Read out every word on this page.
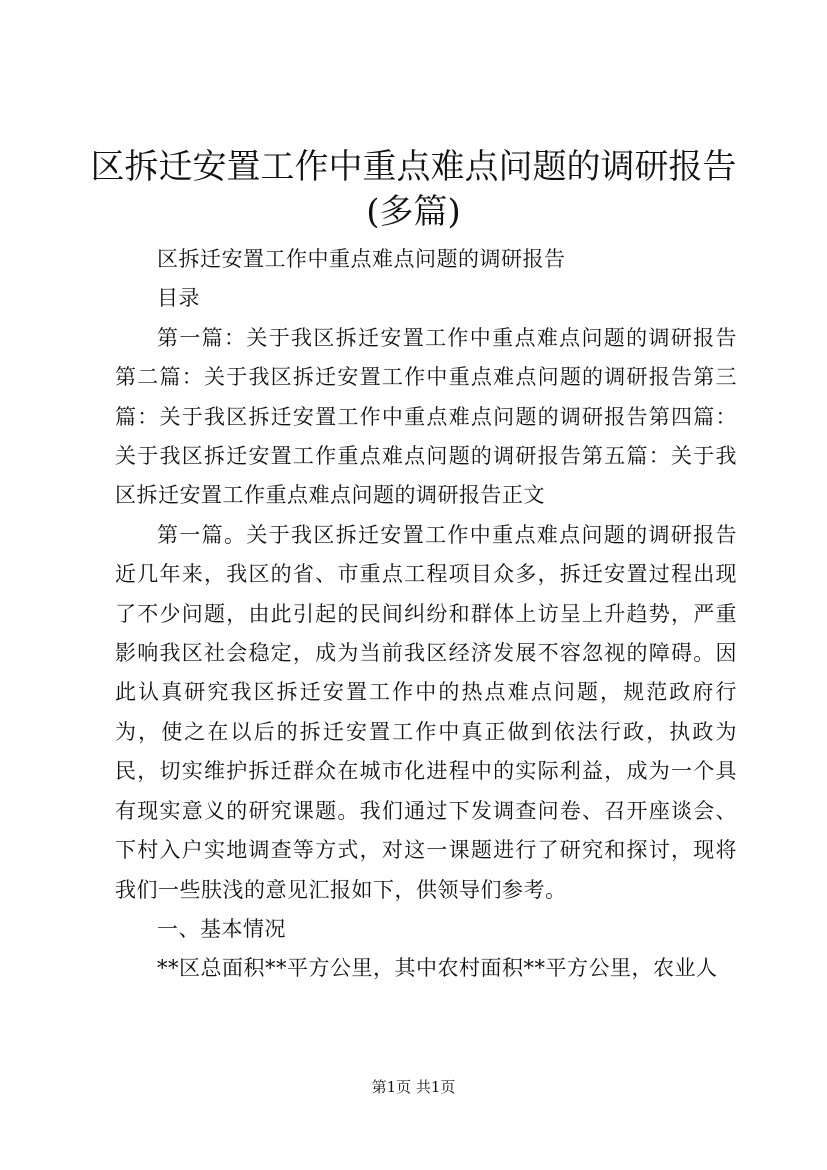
区拆迁安置工作中重点难点问题的调研报告
(多篇)

区拆迁安置工作中重点难点问题的调研报告

目录

第一篇：关于我区拆迁安置工作中重点难点问题的调研报告第二篇：关于我区拆迁安置工作中重点难点问题的调研报告第三篇：关于我区拆迁安置工作中重点难点问题的调研报告第四篇：关于我区拆迁安置工作重点难点问题的调研报告第五篇：关于我区拆迁安置工作重点难点问题的调研报告正文

第一篇。关于我区拆迁安置工作中重点难点问题的调研报告近几年来，我区的省、市重点工程项目众多，拆迁安置过程出现了不少问题，由此引起的民间纠纷和群体上访呈上升趋势，严重影响我区社会稳定，成为当前我区经济发展不容忽视的障碍。因此认真研究我区拆迁安置工作中的热点难点问题，规范政府行为，使之在以后的拆迁安置工作中真正做到依法行政，执政为民，切实维护拆迁群众在城市化进程中的实际利益，成为一个具有现实意义的研究课题。我们通过下发调查问卷、召开座谈会、下村入户实地调查等方式，对这一课题进行了研究和探讨，现将我们一些肤浅的意见汇报如下，供领导们参考。

一、基本情况

**区总面积**平方公里，其中农村面积**平方公里，农业人

第1页 共1页
